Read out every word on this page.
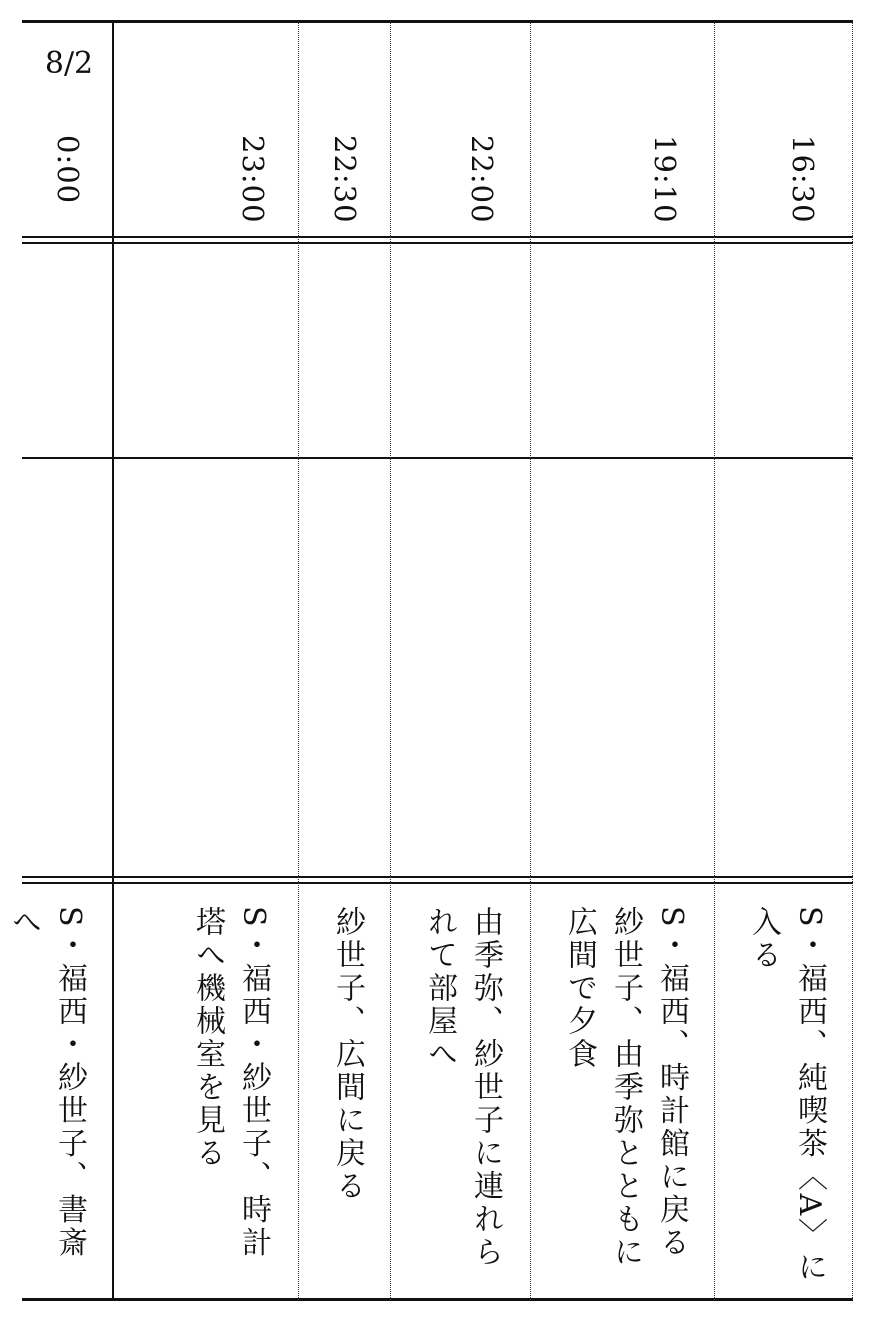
8/2
16:30
19:10
22:00
22:30
23:00
0:00
S・福西、純喫茶〈A〉に入る
S・福西、時計館に戻る紗世子、由季弥とともに広間で夕食
由季弥、紗世子に連れられて部屋へ
紗世子、広間に戻る
S・福西・紗世子、時計塔へ機械室を見る
S・福西・紗世子、書斎へ
